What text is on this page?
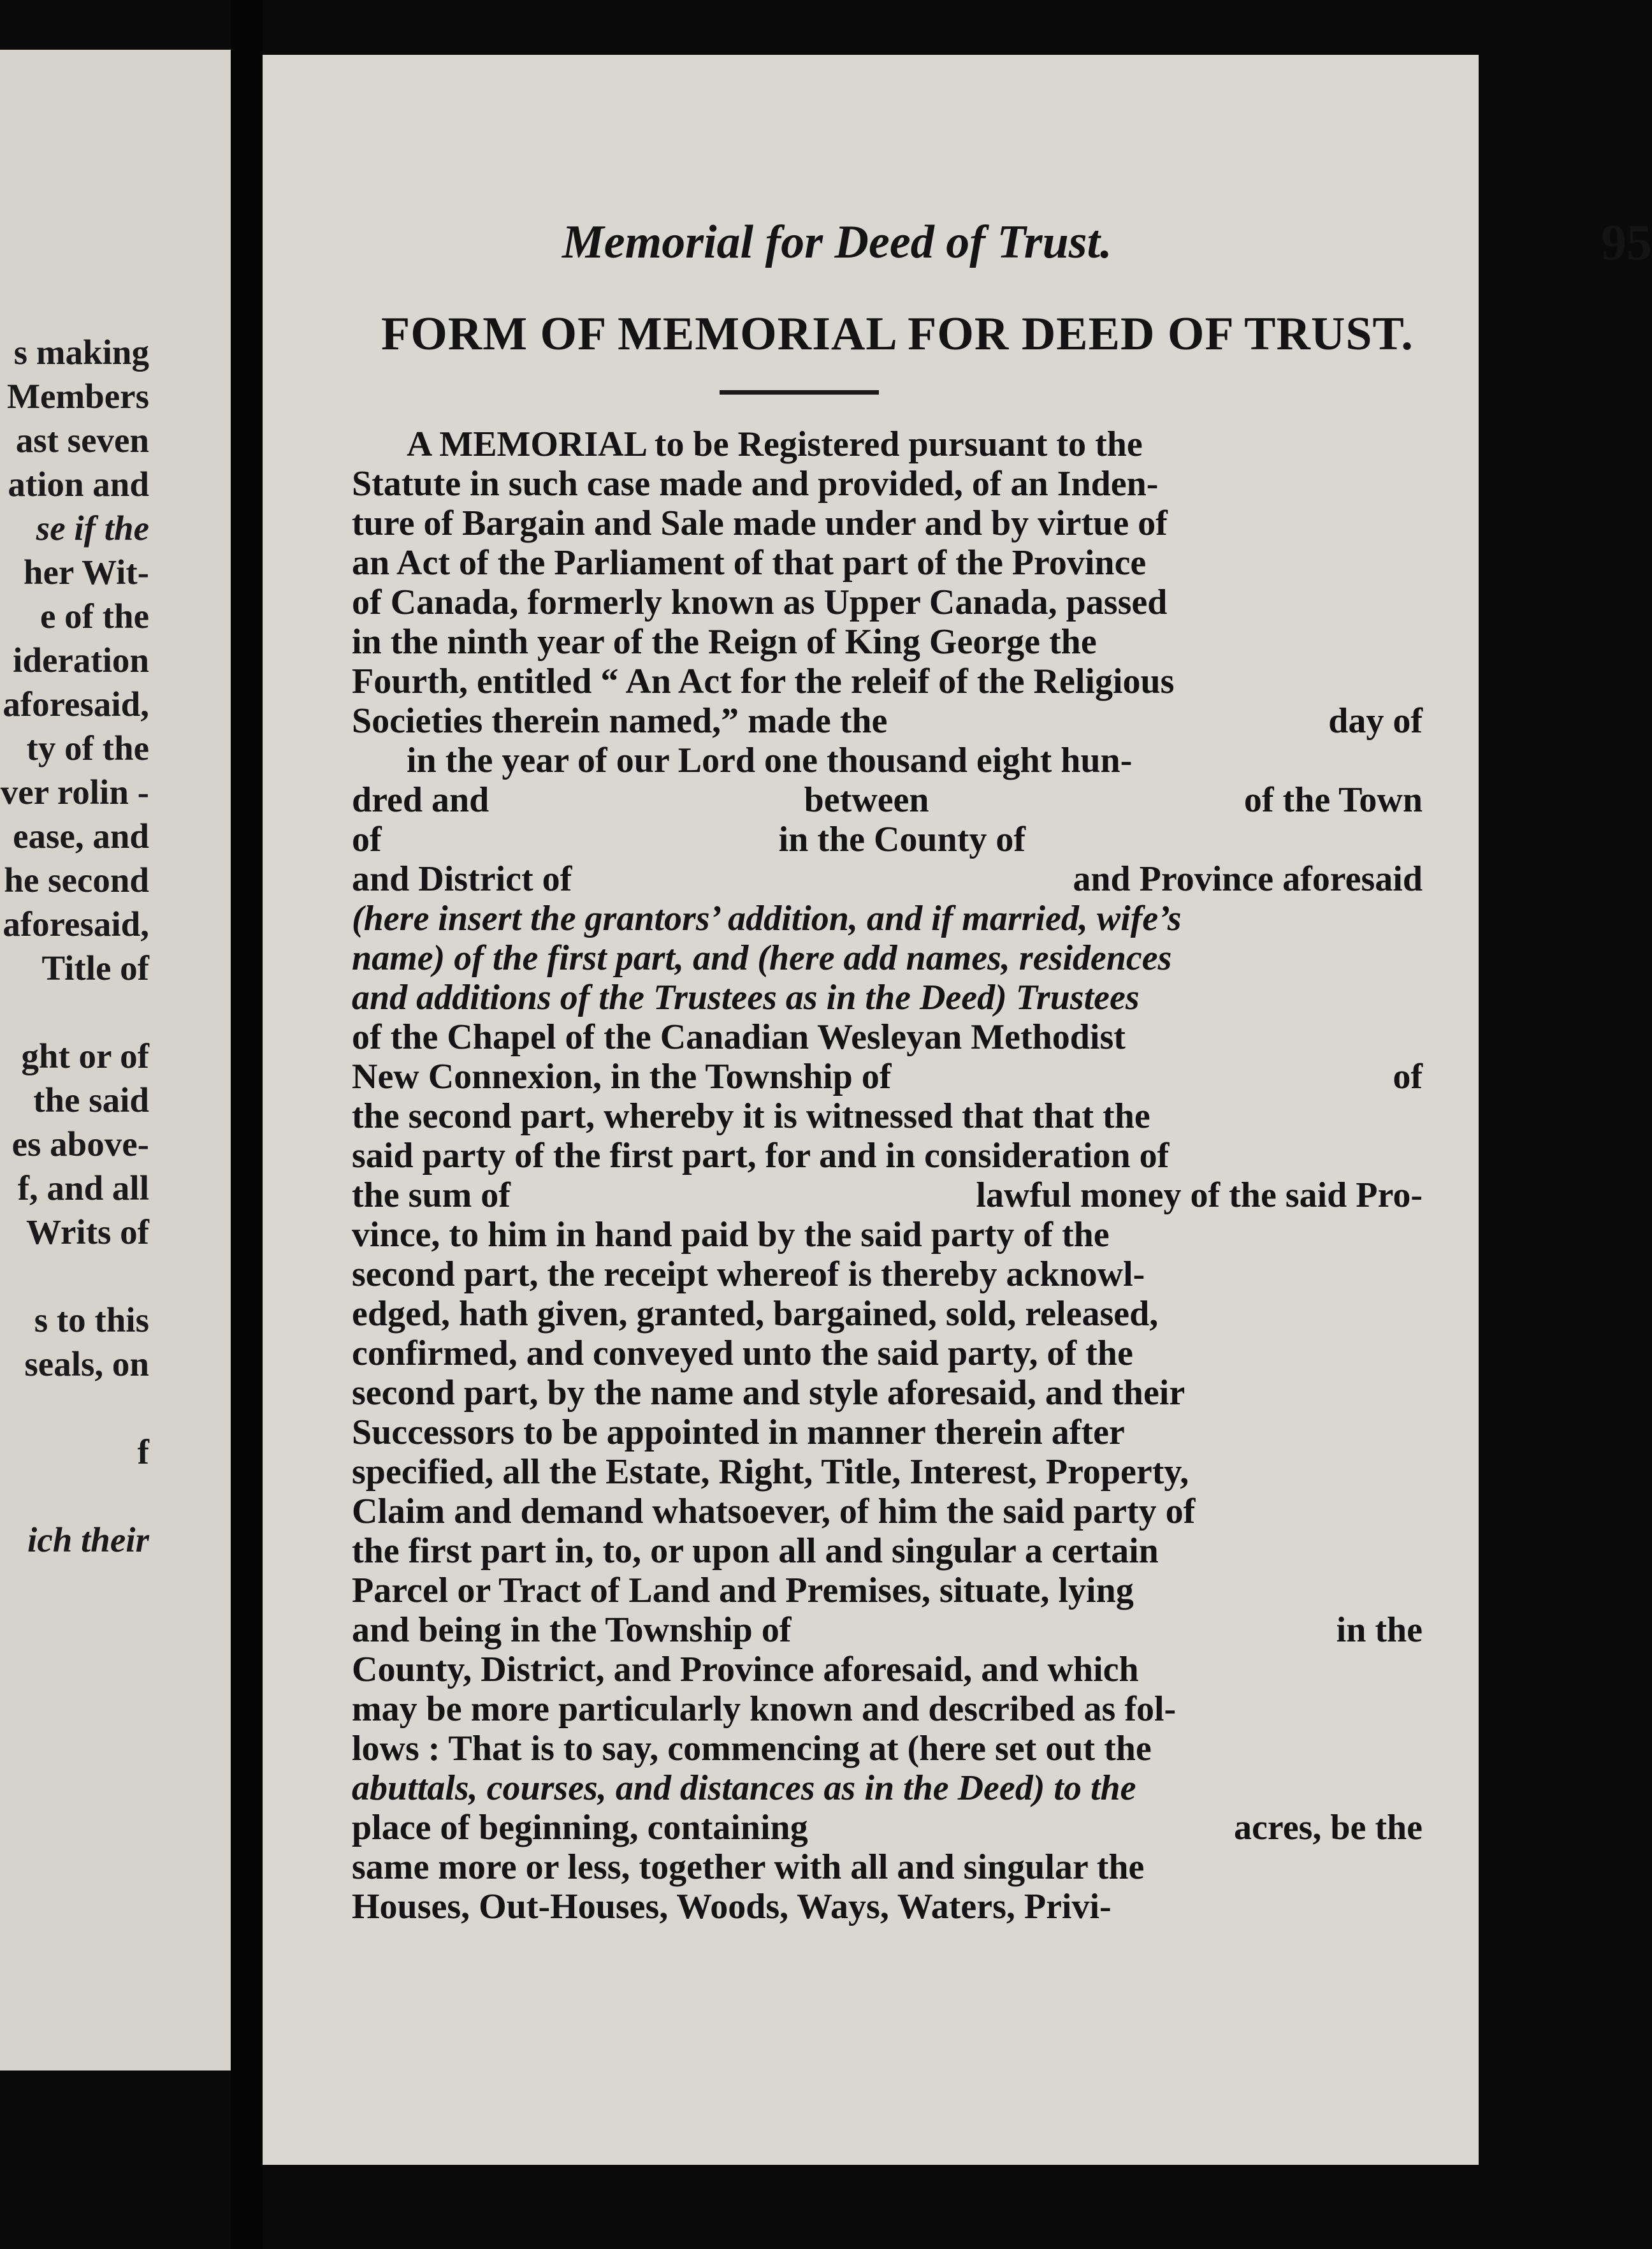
s making
Members
ast seven
ation and
se if the
her Wit-
e of the
ideration
aforesaid,
ty of the
ver rolin -
ease, and
he second
aforesaid,
Title of
ght or of
the said
es above-
f, and all
Writs of
s to this
seals, on
f
ich their
Memorial for Deed of Trust.	95
FORM OF MEMORIAL FOR DEED OF TRUST.
A MEMORIAL to be Registered pursuant to the
Statute in such case made and provided, of an Inden-
ture of Bargain and Sale made under and by virtue of
an Act of the Parliament of that part of the Province
of Canada, formerly known as Upper Canada, passed
in the ninth year of the Reign of King George the
Fourth, entitled “ An Act for the releif of the Religious
Societies therein named,” made the	day of
in the year of our Lord one thousand eight hun-
dred and	between	of the Town
of	in the County of
and District of	and Province aforesaid
(here insert the grantors’ addition, and if married, wife’s
name) of the first part, and (here add names, residences
and additions of the Trustees as in the Deed) Trustees
of the Chapel of the Canadian Wesleyan Methodist
New Connexion, in the Township of	of
the second part, whereby it is witnessed that that the
said party of the first part, for and in consideration of
the sum of	lawful money of the said Pro-
vince, to him in hand paid by the said party of the
second part, the receipt whereof is thereby acknowl-
edged, hath given, granted, bargained, sold, released,
confirmed, and conveyed unto the said party, of the
second part, by the name and style aforesaid, and their
Successors to be appointed in manner therein after
specified, all the Estate, Right, Title, Interest, Property,
Claim and demand whatsoever, of him the said party of
the first part in, to, or upon all and singular a certain
Parcel or Tract of Land and Premises, situate, lying
and being in the Township of	in the
County, District, and Province aforesaid, and which
may be more particularly known and described as fol-
lows : That is to say, commencing at (here set out the
abuttals, courses, and distances as in the Deed) to the
place of beginning, containing	acres, be the
same more or less, together with all and singular the
Houses, Out-Houses, Woods, Ways, Waters, Privi-
